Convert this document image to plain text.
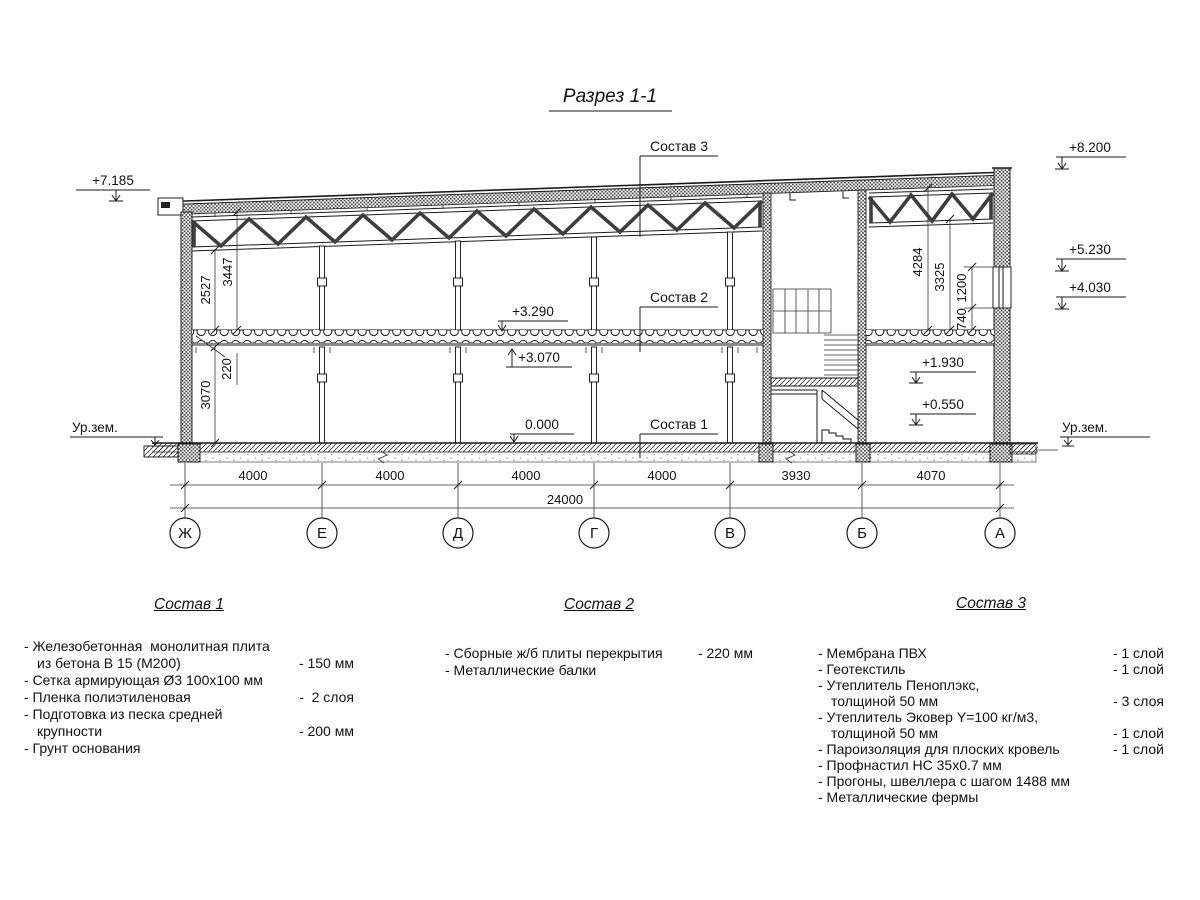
Разрез 1-1
+7.185
+8.200
+5.230
+4.030
+3.290
+3.070
0.000
+1.930
+0.550
Ур.зем.	Ур.зем.
Состав 3
Состав 2
Состав 1
2527
3447
220
3070
4284
3325 1200
740
4000	4000	4000	4000	3930	4070
24000
Ж	Е	Д	Г	В	Б	А
Состав 1
- Железобетонная  монолитная плита
из бетона В 15 (М200)	- 150 мм
- Сетка армирующая Ø3 100х100 мм
- Пленка полиэтиленовая	-  2 слоя
- Подготовка из песка средней
крупности	- 200 мм
- Грунт основания
Состав 2
- Сборные ж/б плиты перекрытия	- 220 мм
- Металлические балки
Состав 3
- Мембрана ПВХ	- 1 слой
- Геотекстиль	- 1 слой
- Утеплитель Пеноплэкс,
толщиной 50 мм	- 3 слоя
- Утеплитель Эковер Y=100 кг/м3,
толщиной 50 мм	- 1 слой
- Пароизоляция для плоских кровель	- 1 слой
- Профнастил НС 35х0.7 мм
- Прогоны, швеллера с шагом 1488 мм
- Металлические фермы
